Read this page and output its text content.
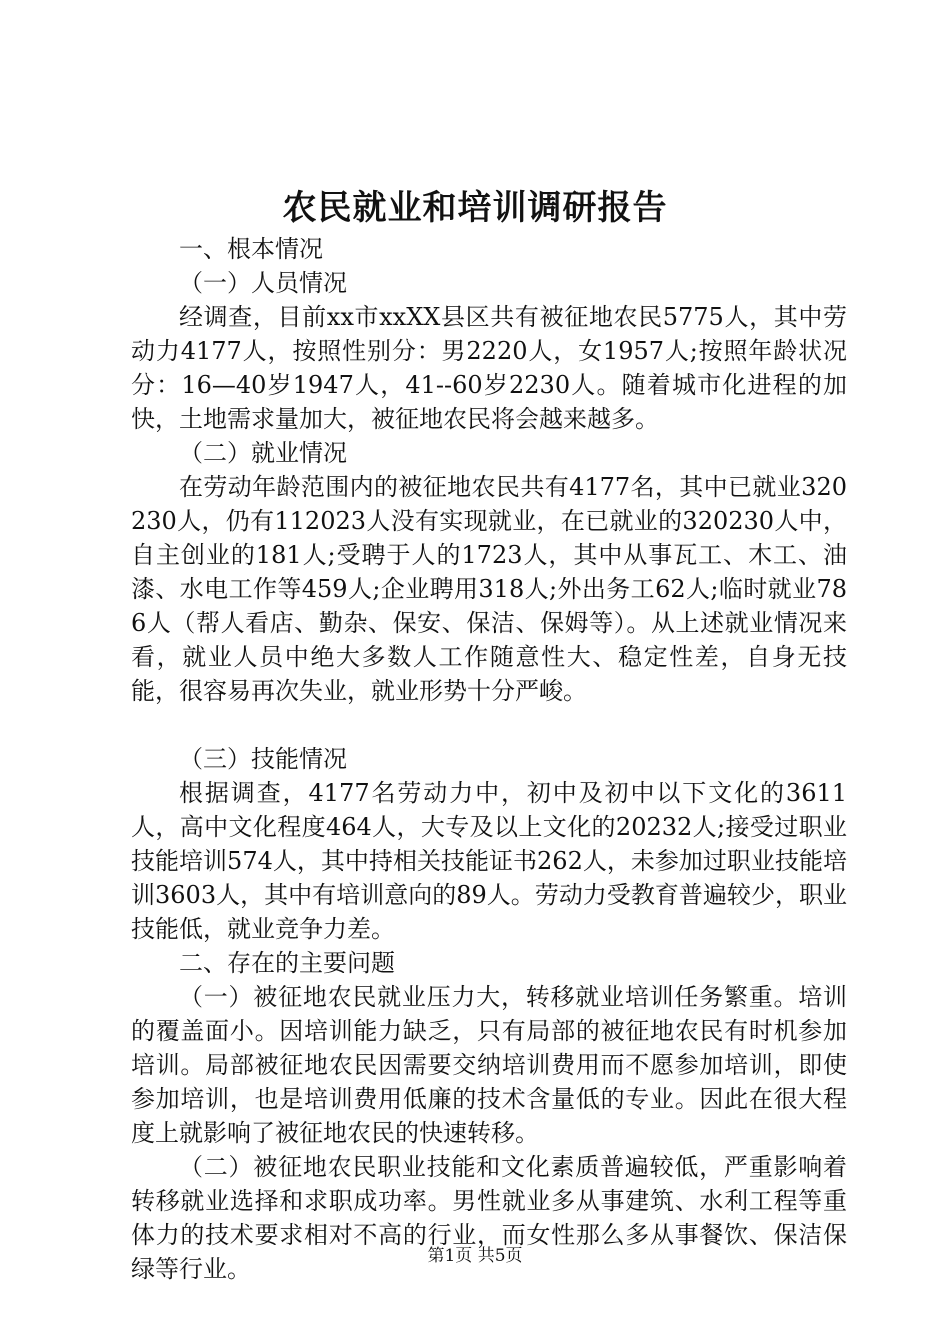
农民就业和培训调研报告

一、根本情况

（一）人员情况

经调查，目前xx市xxXX县区共有被征地农民5775人，其中劳动力4177人，按照性别分：男2220人，女1957人;按照年龄状况分：16—40岁1947人，41--60岁2230人。随着城市化进程的加快，土地需求量加大，被征地农民将会越来越多。

（二）就业情况

在劳动年龄范围内的被征地农民共有4177名，其中已就业320230人，仍有112023人没有实现就业，在已就业的320230人中，自主创业的181人;受聘于人的1723人，其中从事瓦工、木工、油漆、水电工作等459人;企业聘用318人;外出务工62人;临时就业786人（帮人看店、勤杂、保安、保洁、保姆等）。从上述就业情况来看，就业人员中绝大多数人工作随意性大、稳定性差，自身无技能，很容易再次失业，就业形势十分严峻。

（三）技能情况

根据调查，4177名劳动力中，初中及初中以下文化的3611人，高中文化程度464人，大专及以上文化的20232人;接受过职业技能培训574人，其中持相关技能证书262人，未参加过职业技能培训3603人，其中有培训意向的89人。劳动力受教育普遍较少，职业技能低，就业竞争力差。

二、存在的主要问题

（一）被征地农民就业压力大，转移就业培训任务繁重。培训的覆盖面小。因培训能力缺乏，只有局部的被征地农民有时机参加培训。局部被征地农民因需要交纳培训费用而不愿参加培训，即使参加培训，也是培训费用低廉的技术含量低的专业。因此在很大程度上就影响了被征地农民的快速转移。

（二）被征地农民职业技能和文化素质普遍较低，严重影响着转移就业选择和求职成功率。男性就业多从事建筑、水利工程等重体力的技术要求相对不高的行业，而女性那么多从事餐饮、保洁保绿等行业。	第1页 共5页
